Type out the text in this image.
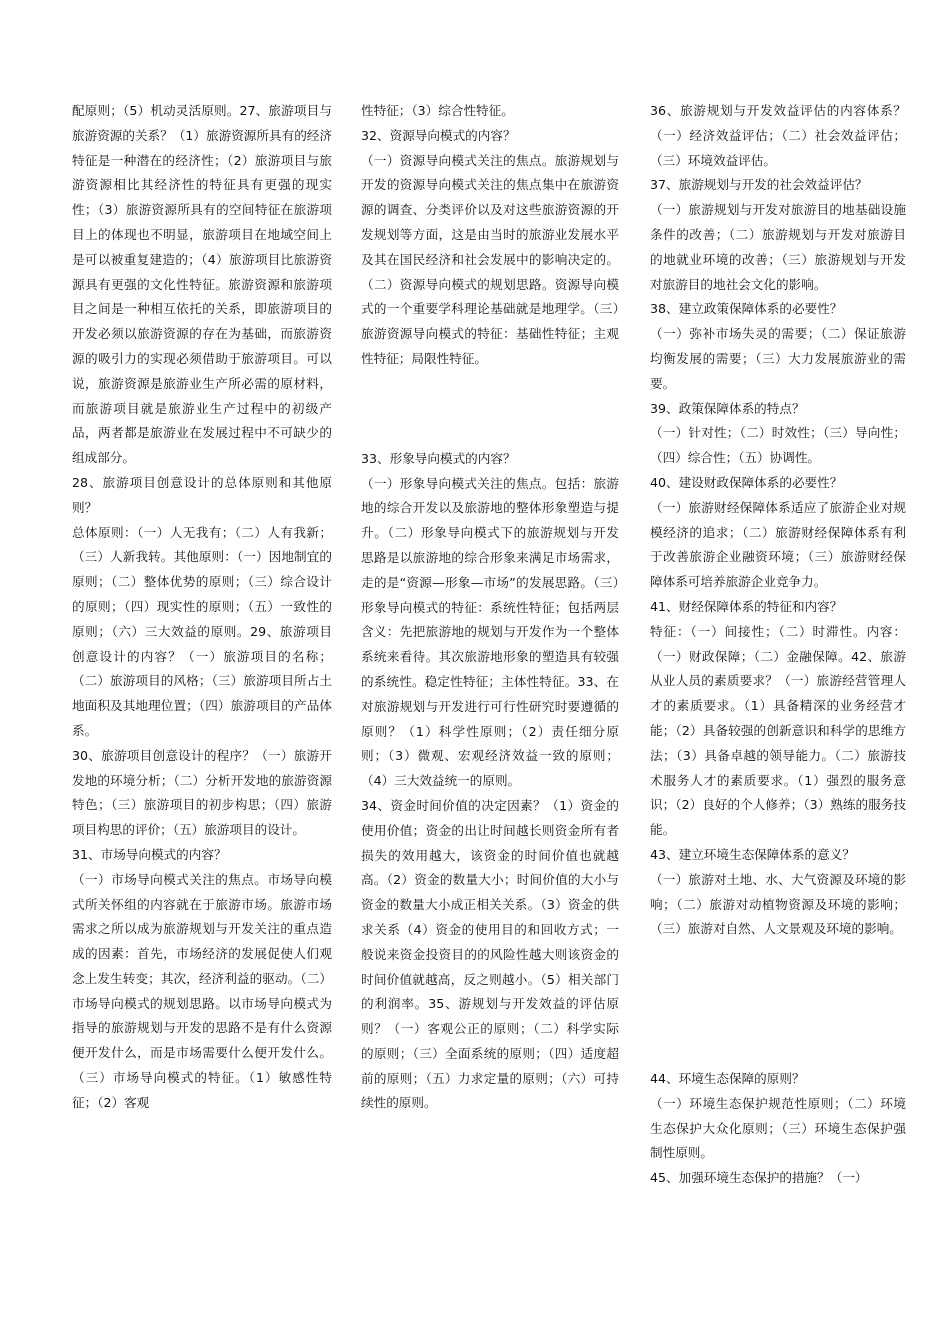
配原则；（5）机动灵活原则。27、旅游项目与旅游资源的关系？（1）旅游资源所具有的经济特征是一种潜在的经济性；（2）旅游项目与旅游资源相比其经济性的特征具有更强的现实性；（3）旅游资源所具有的空间特征在旅游项目上的体现也不明显，旅游项目在地域空间上是可以被重复建造的；（4）旅游项目比旅游资源具有更强的文化性特征。旅游资源和旅游项目之间是一种相互依托的关系，即旅游项目的开发必须以旅游资源的存在为基础，而旅游资源的吸引力的实现必须借助于旅游项目。可以说，旅游资源是旅游业生产所必需的原材料，而旅游项目就是旅游业生产过程中的初级产品，两者都是旅游业在发展过程中不可缺少的组成部分。

28、旅游项目创意设计的总体原则和其他原则？

总体原则：（一）人无我有；（二）人有我新；（三）人新我转。其他原则：（一）因地制宜的原则；（二）整体优势的原则；（三）综合设计的原则；（四）现实性的原则；（五）一致性的原则；（六）三大效益的原则。29、旅游项目创意设计的内容？（一）旅游项目的名称；（二）旅游项目的风格；（三）旅游项目所占土地面积及其地理位置；（四）旅游项目的产品体系。

30、旅游项目创意设计的程序？（一）旅游开发地的环境分析；（二）分析开发地的旅游资源特色；（三）旅游项目的初步构思；（四）旅游项目构思的评价；（五）旅游项目的设计。

31、市场导向模式的内容？

（一）市场导向模式关注的焦点。市场导向模式所关怀组的内容就在于旅游市场。旅游市场需求之所以成为旅游规划与开发关注的重点造成的因素：首先，市场经济的发展促使人们观念上发生转变；其次，经济利益的驱动。（二）市场导向模式的规划思路。以市场导向模式为指导的旅游规划与开发的思路不是有什么资源便开发什么，而是市场需要什么便开发什么。（三）市场导向模式的特征。（1）敏感性特征；（2）客观

性特征；（3）综合性特征。

32、资源导向模式的内容？

（一）资源导向模式关注的焦点。旅游规划与开发的资源导向模式关注的焦点集中在旅游资源的调查、分类评价以及对这些旅游资源的开发规划等方面，这是由当时的旅游业发展水平及其在国民经济和社会发展中的影响决定的。（二）资源导向模式的规划思路。资源导向模式的一个重要学科理论基础就是地理学。（三）旅游资源导向模式的特征：基础性特征；主观性特征；局限性特征。

33、形象导向模式的内容？

（一）形象导向模式关注的焦点。包括：旅游地的综合开发以及旅游地的整体形象塑造与提升。（二）形象导向模式下的旅游规划与开发思路是以旅游地的综合形象来满足市场需求，走的是“资源—形象—市场”的发展思路。（三）形象导向模式的特征：系统性特征；包括两层含义：先把旅游地的规划与开发作为一个整体系统来看待。其次旅游地形象的塑造具有较强的系统性。稳定性特征；主体性特征。33、在对旅游规划与开发进行可行性研究时要遵循的原则？（1）科学性原则；（2）责任细分原则；（3）微观、宏观经济效益一致的原则；（4）三大效益统一的原则。

34、资金时间价值的决定因素？（1）资金的使用价值；资金的出让时间越长则资金所有者损失的效用越大，该资金的时间价值也就越高。（2）资金的数量大小；时间价值的大小与资金的数量大小成正相关关系。（3）资金的供求关系（4）资金的使用目的和回收方式；一般说来资金投资目的的风险性越大则该资金的时间价值就越高，反之则越小。（5）相关部门的利润率。35、游规划与开发效益的评估原则？（一）客观公正的原则；（二）科学实际的原则；（三）全面系统的原则；（四）适度超前的原则；（五）力求定量的原则；（六）可持续性的原则。

36、旅游规划与开发效益评估的内容体系？（一）经济效益评估；（二）社会效益评估；（三）环境效益评估。

37、旅游规划与开发的社会效益评估？

（一）旅游规划与开发对旅游目的地基础设施条件的改善；（二）旅游规划与开发对旅游目的地就业环境的改善；（三）旅游规划与开发对旅游目的地社会文化的影响。

38、建立政策保障体系的必要性？

（一）弥补市场失灵的需要；（二）保证旅游均衡发展的需要；（三）大力发展旅游业的需要。

39、政策保障体系的特点？

（一）针对性；（二）时效性；（三）导向性；（四）综合性；（五）协调性。

40、建设财政保障体系的必要性？

（一）旅游财经保障体系适应了旅游企业对规模经济的追求；（二）旅游财经保障体系有利于改善旅游企业融资环境；（三）旅游财经保障体系可培养旅游企业竞争力。

41、财经保障体系的特征和内容？

特征：（一）间接性；（二）时滞性。内容：（一）财政保障；（二）金融保障。42、旅游从业人员的素质要求？（一）旅游经营管理人才的素质要求。（1）具备精深的业务经营才能；（2）具备较强的创新意识和科学的思维方法；（3）具备卓越的领导能力。（二）旅游技术服务人才的素质要求。（1）强烈的服务意识；（2）良好的个人修养；（3）熟练的服务技能。

43、建立环境生态保障体系的意义？

（一）旅游对土地、水、大气资源及环境的影响；（二）旅游对动植物资源及环境的影响；（三）旅游对自然、人文景观及环境的影响。

44、环境生态保障的原则？

（一）环境生态保护规范性原则；（二）环境生态保护大众化原则；（三）环境生态保护强制性原则。

45、加强环境生态保护的措施？（一）
